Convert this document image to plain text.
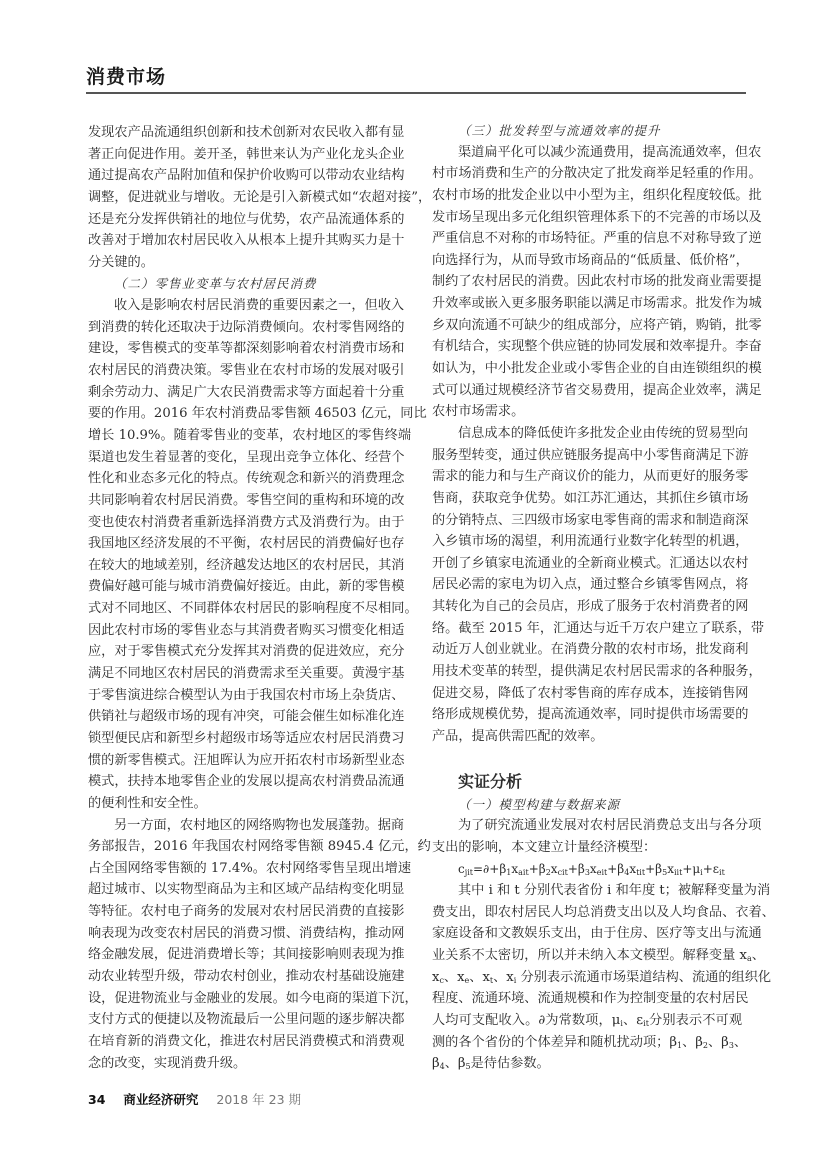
消费市场
发现农产品流通组织创新和技术创新对农民收入都有显
著正向促进作用。姜开圣，韩世来认为产业化龙头企业
通过提高农产品附加值和保护价收购可以带动农业结构
调整，促进就业与增收。无论是引入新模式如“农超对接”，
还是充分发挥供销社的地位与优势，农产品流通体系的
改善对于增加农村居民收入从根本上提升其购买力是十
分关键的。
（二）零售业变革与农村居民消费
收入是影响农村居民消费的重要因素之一，但收入
到消费的转化还取决于边际消费倾向。农村零售网络的
建设，零售模式的变革等都深刻影响着农村消费市场和
农村居民的消费决策。零售业在农村市场的发展对吸引
剩余劳动力、满足广大农民消费需求等方面起着十分重
要的作用。2016 年农村消费品零售额 46503 亿元，同比
增长 10.9%。随着零售业的变革，农村地区的零售终端
渠道也发生着显著的变化，呈现出竞争立体化、经营个
性化和业态多元化的特点。传统观念和新兴的消费理念
共同影响着农村居民消费。零售空间的重构和环境的改
变也使农村消费者重新选择消费方式及消费行为。由于
我国地区经济发展的不平衡，农村居民的消费偏好也存
在较大的地域差别，经济越发达地区的农村居民，其消
费偏好越可能与城市消费偏好接近。由此，新的零售模
式对不同地区、不同群体农村居民的影响程度不尽相同。
因此农村市场的零售业态与其消费者购买习惯变化相适
应，对于零售模式充分发挥其对消费的促进效应，充分
满足不同地区农村居民的消费需求至关重要。黄漫宇基
于零售演进综合模型认为由于我国农村市场上杂货店、
供销社与超级市场的现有冲突，可能会催生如标准化连
锁型便民店和新型乡村超级市场等适应农村居民消费习
惯的新零售模式。汪旭晖认为应开拓农村市场新型业态
模式，扶持本地零售企业的发展以提高农村消费品流通
的便利性和安全性。
另一方面，农村地区的网络购物也发展蓬勃。据商
务部报告，2016 年我国农村网络零售额 8945.4 亿元，约
占全国网络零售额的 17.4%。农村网络零售呈现出增速
超过城市、以实物型商品为主和区域产品结构变化明显
等特征。农村电子商务的发展对农村居民消费的直接影
响表现为改变农村居民的消费习惯、消费结构，推动网
络金融发展，促进消费增长等；其间接影响则表现为推
动农业转型升级，带动农村创业，推动农村基础设施建
设，促进物流业与金融业的发展。如今电商的渠道下沉，
支付方式的便捷以及物流最后一公里问题的逐步解决都
在培育新的消费文化，推进农村居民消费模式和消费观
念的改变，实现消费升级。
（三）批发转型与流通效率的提升
渠道扁平化可以减少流通费用，提高流通效率，但农
村市场消费和生产的分散决定了批发商举足轻重的作用。
农村市场的批发企业以中小型为主，组织化程度较低。批
发市场呈现出多元化组织管理体系下的不完善的市场以及
严重信息不对称的市场特征。严重的信息不对称导致了逆
向选择行为，从而导致市场商品的“低质量、低价格”，
制约了农村居民的消费。因此农村市场的批发商业需要提
升效率或嵌入更多服务职能以满足市场需求。批发作为城
乡双向流通不可缺少的组成部分，应将产销，购销，批零
有机结合，实现整个供应链的协同发展和效率提升。李奋
如认为，中小批发企业或小零售企业的自由连锁组织的模
式可以通过规模经济节省交易费用，提高企业效率，满足
农村市场需求。
信息成本的降低使许多批发企业由传统的贸易型向
服务型转变，通过供应链服务提高中小零售商满足下游
需求的能力和与生产商议价的能力，从而更好的服务零
售商，获取竞争优势。如江苏汇通达，其抓住乡镇市场
的分销特点、三四级市场家电零售商的需求和制造商深
入乡镇市场的渴望，利用流通行业数字化转型的机遇，
开创了乡镇家电流通业的全新商业模式。汇通达以农村
居民必需的家电为切入点，通过整合乡镇零售网点，将
其转化为自己的会员店，形成了服务于农村消费者的网
络。截至 2015 年，汇通达与近千万农户建立了联系，带
动近万人创业就业。在消费分散的农村市场，批发商利
用技术变革的转型，提供满足农村居民需求的各种服务，
促进交易，降低了农村零售商的库存成本，连接销售网
络形成规模优势，提高流通效率，同时提供市场需要的
产品，提高供需匹配的效率。
实证分析
（一）模型构建与数据来源
为了研究流通业发展对农村居民消费总支出与各分项
支出的影响，本文建立计量经济模型：
$c_{jit}=\partial+\beta_1x_{ait}+\beta_2x_{cit}+\beta_3x_{eit}+\beta_4x_{tit}+\beta_5x_{iit}+\mu_i+\varepsilon_{it}$
其中 i 和 t 分别代表省份 i 和年度 t；被解释变量为消
费支出，即农村居民人均总消费支出以及人均食品、衣着、
家庭设备和文教娱乐支出，由于住房、医疗等支出与流通
业关系不太密切，所以并未纳入本文模型。解释变量 $x_a$、
$x_c$、$x_e$、$x_t$、$x_i$ 分别表示流通市场渠道结构、流通的组织化
程度、流通环境、流通规模和作为控制变量的农村居民
人均可支配收入。∂为常数项，$\mu_i$、$\varepsilon_{it}$分别表示不可观
测的各个省份的个体差异和随机扰动项；$\beta_1$、$\beta_2$、$\beta_3$、
$\beta_4$、$\beta_5$是待估参数。
34 商业经济研究 2018 年 23 期
